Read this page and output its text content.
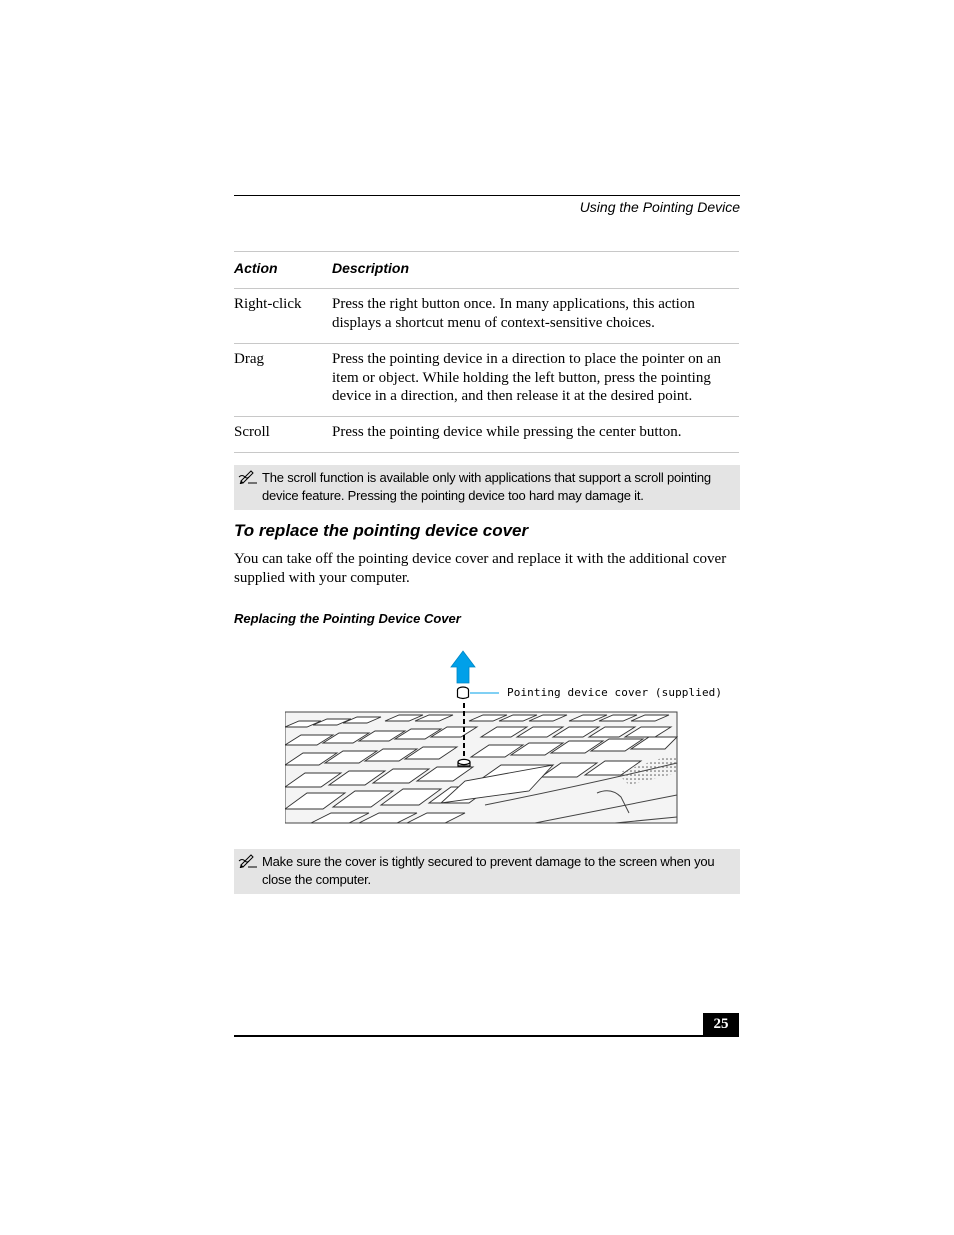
Using the Pointing Device
Action	Description
Right-click Press the right button once. In many applications, this action displays a shortcut menu of context-sensitive choices.
Drag	Press the pointing device in a direction to place the pointer on an item or object. While holding the left button, press the pointing device in a direction, and then release it at the desired point.
Scroll	Press the pointing device while pressing the center button.
The scroll function is available only with applications that support a scroll pointing device feature. Pressing the pointing device too hard may damage it.
To replace the pointing device cover
You can take off the pointing device cover and replace it with the additional cover supplied with your computer.
Replacing the Pointing Device Cover
Pointing device cover (supplied)
Make sure the cover is tightly secured to prevent damage to the screen when you close the computer.
25
